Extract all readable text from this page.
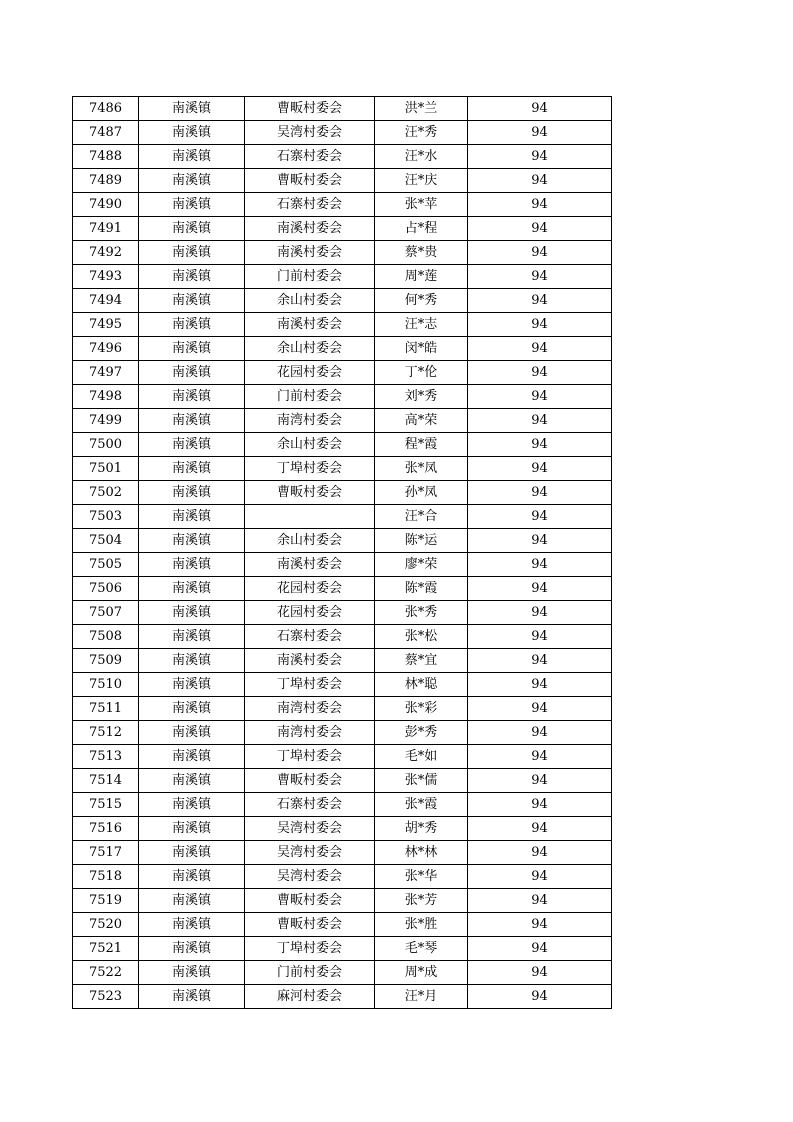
7486	南溪镇	曹畈村委会	洪*兰	94
7487	南溪镇	吴湾村委会	汪*秀	94
7488	南溪镇	石寨村委会	汪*水	94
7489	南溪镇	曹畈村委会	汪*庆	94
7490	南溪镇	石寨村委会	张*苹	94
7491	南溪镇	南溪村委会	占*程	94
7492	南溪镇	南溪村委会	蔡*贵	94
7493	南溪镇	门前村委会	周*莲	94
7494	南溪镇	余山村委会	何*秀	94
7495	南溪镇	南溪村委会	汪*志	94
7496	南溪镇	余山村委会	闵*皓	94
7497	南溪镇	花园村委会	丁*伦	94
7498	南溪镇	门前村委会	刘*秀	94
7499	南溪镇	南湾村委会	高*荣	94
7500	南溪镇	余山村委会	程*霞	94
7501	南溪镇	丁埠村委会	张*凤	94
7502	南溪镇	曹畈村委会	孙*凤	94
7503	南溪镇		汪*合	94
7504	南溪镇	余山村委会	陈*运	94
7505	南溪镇	南溪村委会	廖*荣	94
7506	南溪镇	花园村委会	陈*霞	94
7507	南溪镇	花园村委会	张*秀	94
7508	南溪镇	石寨村委会	张*松	94
7509	南溪镇	南溪村委会	蔡*宜	94
7510	南溪镇	丁埠村委会	林*聪	94
7511	南溪镇	南湾村委会	张*彩	94
7512	南溪镇	南湾村委会	彭*秀	94
7513	南溪镇	丁埠村委会	毛*如	94
7514	南溪镇	曹畈村委会	张*儒	94
7515	南溪镇	石寨村委会	张*霞	94
7516	南溪镇	吴湾村委会	胡*秀	94
7517	南溪镇	吴湾村委会	林*林	94
7518	南溪镇	吴湾村委会	张*华	94
7519	南溪镇	曹畈村委会	张*芳	94
7520	南溪镇	曹畈村委会	张*胜	94
7521	南溪镇	丁埠村委会	毛*琴	94
7522	南溪镇	门前村委会	周*成	94
7523	南溪镇	麻河村委会	汪*月	94
